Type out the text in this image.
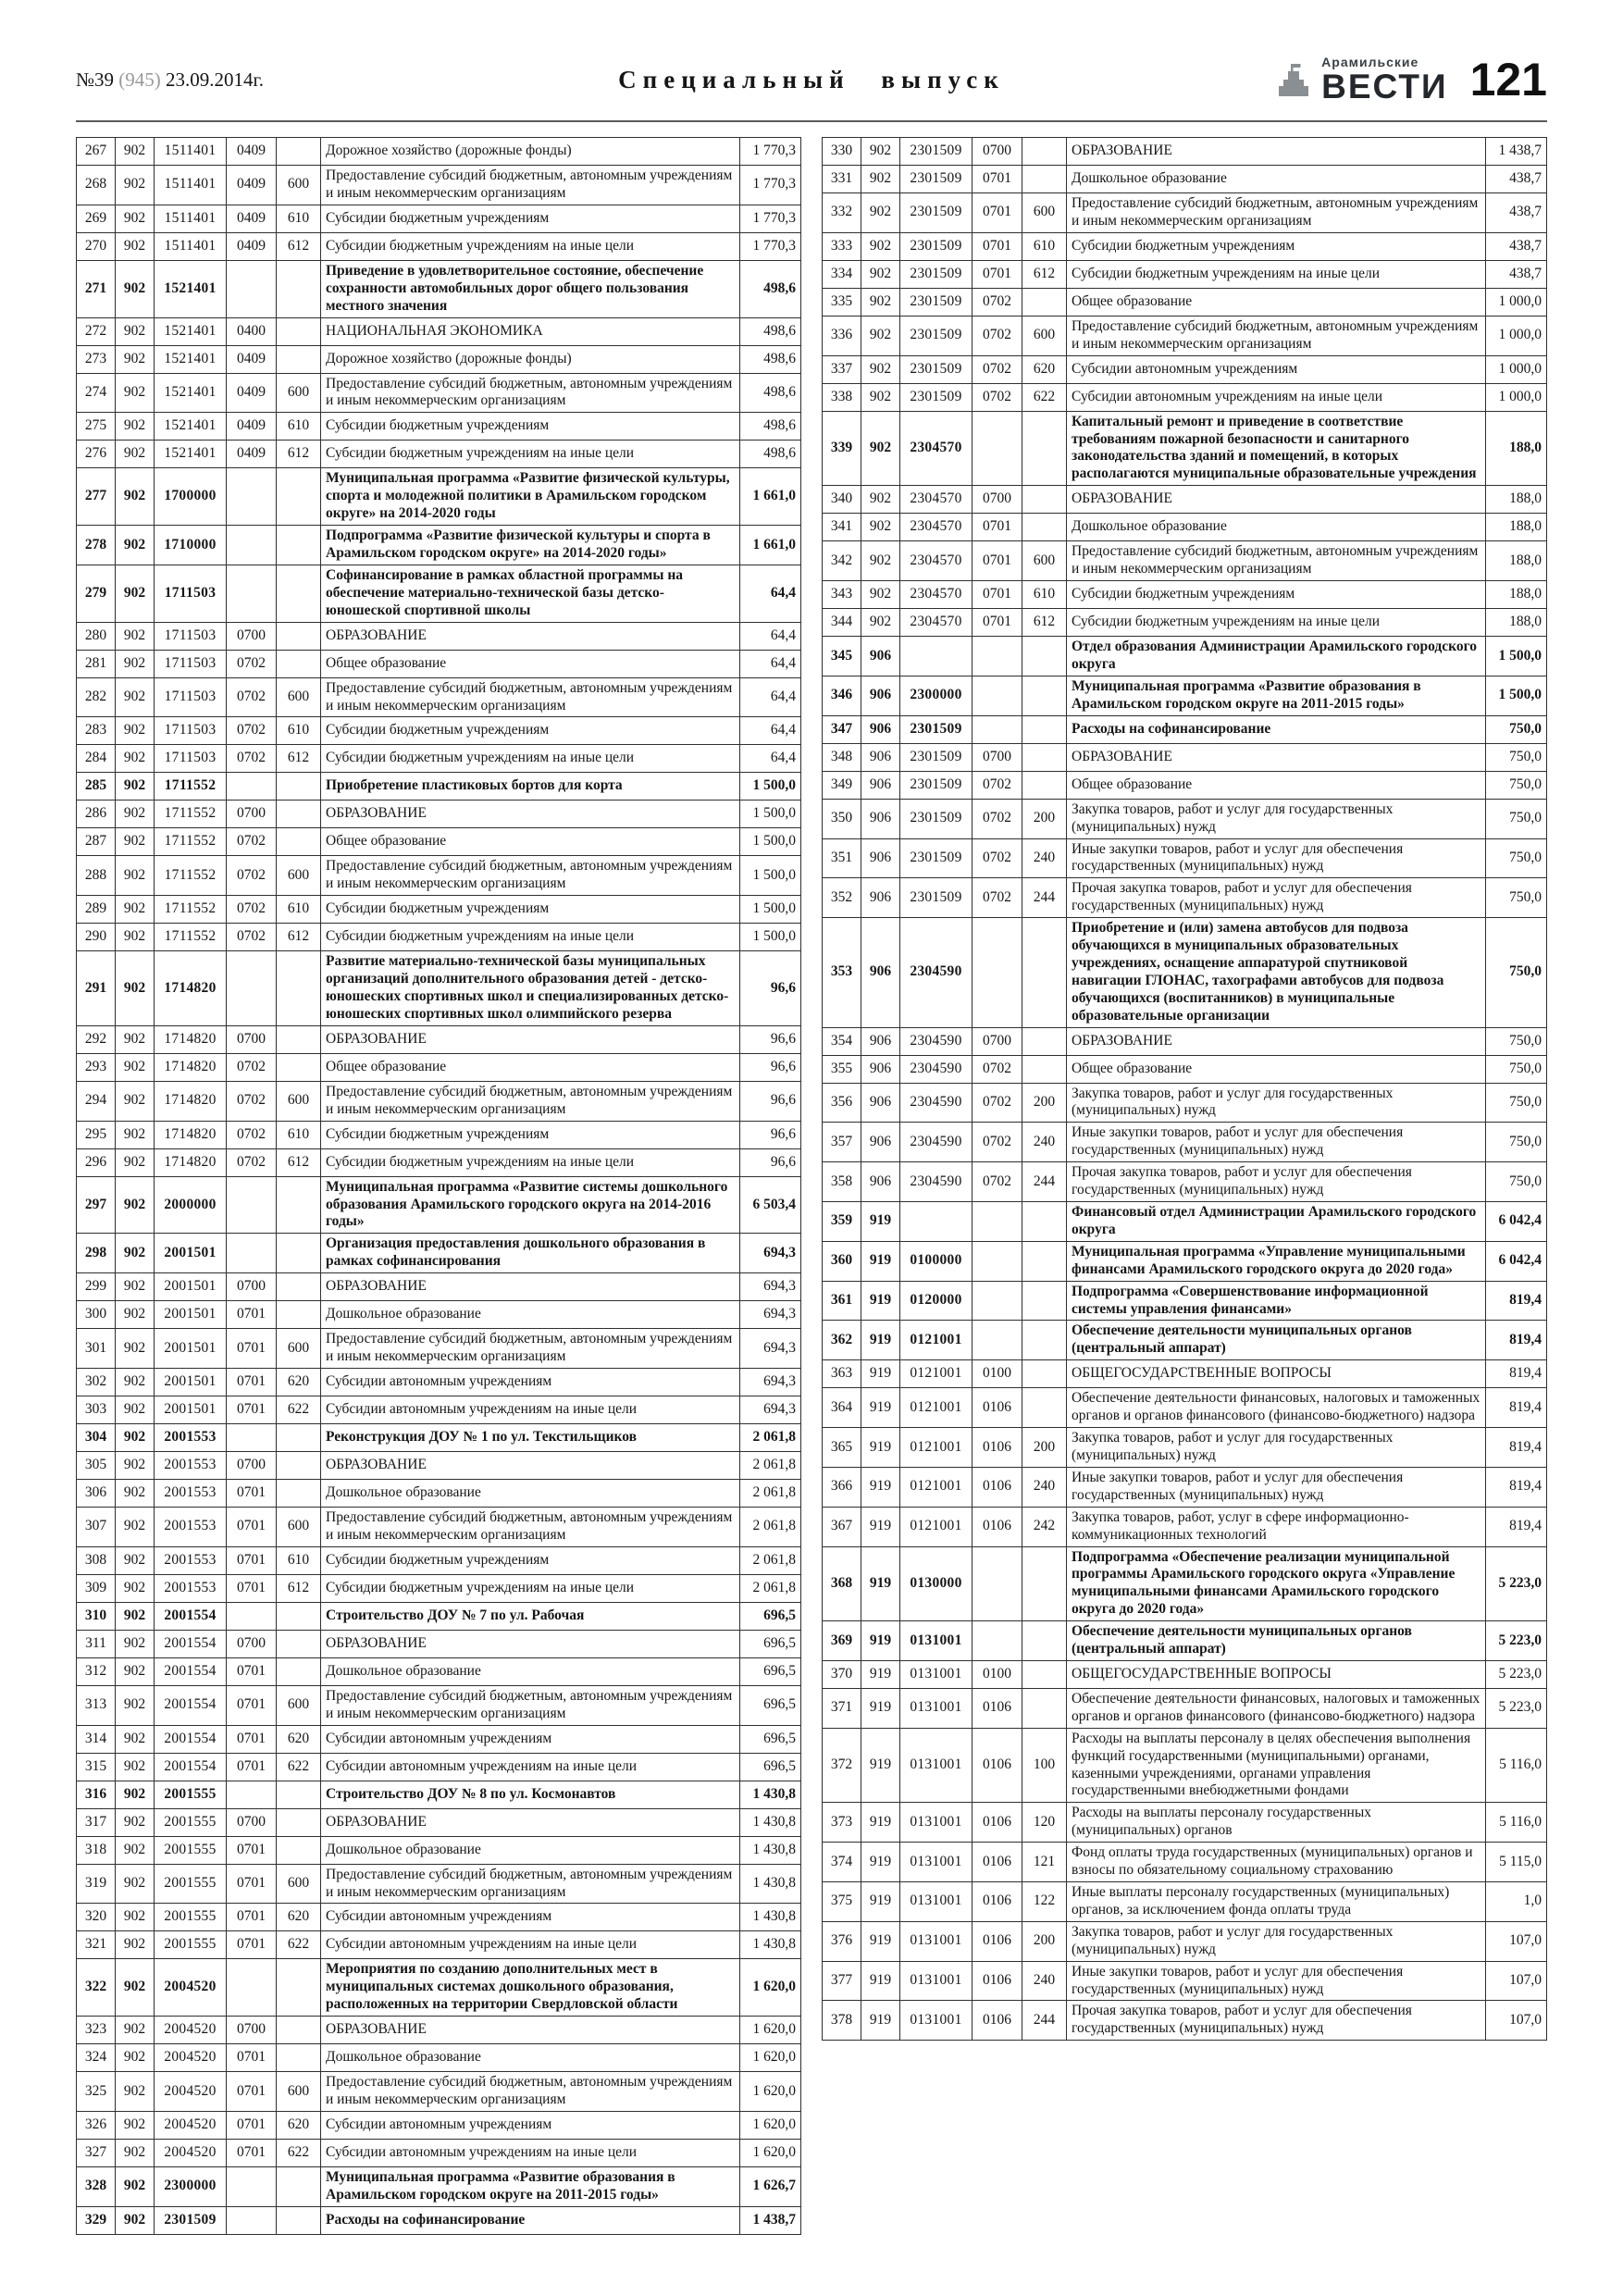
№39 (945) 23.09.2014г.	Специальный выпуск
Арамильские
ВЕСТИ 121
267	902	1511401	0409		Дорожное хозяйство (дорожные фонды)	1 770,3
268	902	1511401	0409	600	Предоставление субсидий бюджетным, автономным учреждениям и иным некоммерческим организациям	1 770,3
269	902	1511401	0409	610	Субсидии бюджетным учреждениям	1 770,3
270	902	1511401	0409	612	Субсидии бюджетным учреждениям на иные цели	1 770,3
271	902	1521401			Приведение в удовлетворительное состояние, обеспечение сохранности автомобильных дорог общего пользования местного значения	498,6
272	902	1521401	0400		НАЦИОНАЛЬНАЯ ЭКОНОМИКА	498,6
273	902	1521401	0409		Дорожное хозяйство (дорожные фонды)	498,6
274	902	1521401	0409	600	Предоставление субсидий бюджетным, автономным учреждениям и иным некоммерческим организациям	498,6
275	902	1521401	0409	610	Субсидии бюджетным учреждениям	498,6
276	902	1521401	0409	612	Субсидии бюджетным учреждениям на иные цели	498,6
277	902	1700000			Муниципальная программа «Развитие физической культуры, спорта и молодежной политики в Арамильском городском округе» на 2014-2020 годы	1 661,0
278	902	1710000			Подпрограмма «Развитие физической культуры и спорта в Арамильском городском округе» на 2014-2020 годы»	1 661,0
279	902	1711503			Софинансирование в рамках областной программы на обеспечение материально-технической базы детско-юношеской спортивной школы	64,4
280	902	1711503	0700		ОБРАЗОВАНИЕ	64,4
281	902	1711503	0702		Общее образование	64,4
282	902	1711503	0702	600	Предоставление субсидий бюджетным, автономным учреждениям и иным некоммерческим организациям	64,4
283	902	1711503	0702	610	Субсидии бюджетным учреждениям	64,4
284	902	1711503	0702	612	Субсидии бюджетным учреждениям на иные цели	64,4
285	902	1711552			Приобретение пластиковых бортов для корта	1 500,0
286	902	1711552	0700		ОБРАЗОВАНИЕ	1 500,0
287	902	1711552	0702		Общее образование	1 500,0
288	902	1711552	0702	600	Предоставление субсидий бюджетным, автономным учреждениям и иным некоммерческим организациям	1 500,0
289	902	1711552	0702	610	Субсидии бюджетным учреждениям	1 500,0
290	902	1711552	0702	612	Субсидии бюджетным учреждениям на иные цели	1 500,0
291	902	1714820			Развитие материально-технической базы муниципальных организаций дополнительного образования детей - детско-юношеских спортивных школ и специализированных детско-юношеских спортивных школ олимпийского резерва	96,6
292	902	1714820	0700		ОБРАЗОВАНИЕ	96,6
293	902	1714820	0702		Общее образование	96,6
294	902	1714820	0702	600	Предоставление субсидий бюджетным, автономным учреждениям и иным некоммерческим организациям	96,6
295	902	1714820	0702	610	Субсидии бюджетным учреждениям	96,6
296	902	1714820	0702	612	Субсидии бюджетным учреждениям на иные цели	96,6
297	902	2000000			Муниципальная программа «Развитие системы дошкольного образования Арамильского городского округа на 2014-2016 годы»	6 503,4
298	902	2001501			Организация предоставления дошкольного образования в рамках софинансирования	694,3
299	902	2001501	0700		ОБРАЗОВАНИЕ	694,3
300	902	2001501	0701		Дошкольное образование	694,3
301	902	2001501	0701	600	Предоставление субсидий бюджетным, автономным учреждениям и иным некоммерческим организациям	694,3
302	902	2001501	0701	620	Субсидии автономным учреждениям	694,3
303	902	2001501	0701	622	Субсидии автономным учреждениям на иные цели	694,3
304	902	2001553			Реконструкция ДОУ № 1 по ул. Текстильщиков	2 061,8
305	902	2001553	0700		ОБРАЗОВАНИЕ	2 061,8
306	902	2001553	0701		Дошкольное образование	2 061,8
307	902	2001553	0701	600	Предоставление субсидий бюджетным, автономным учреждениям и иным некоммерческим организациям	2 061,8
308	902	2001553	0701	610	Субсидии бюджетным учреждениям	2 061,8
309	902	2001553	0701	612	Субсидии бюджетным учреждениям на иные цели	2 061,8
310	902	2001554			Строительство ДОУ № 7 по ул. Рабочая	696,5
311	902	2001554	0700		ОБРАЗОВАНИЕ	696,5
312	902	2001554	0701		Дошкольное образование	696,5
313	902	2001554	0701	600	Предоставление субсидий бюджетным, автономным учреждениям и иным некоммерческим организациям	696,5
314	902	2001554	0701	620	Субсидии автономным учреждениям	696,5
315	902	2001554	0701	622	Субсидии автономным учреждениям на иные цели	696,5
316	902	2001555			Строительство ДОУ № 8 по ул. Космонавтов	1 430,8
317	902	2001555	0700		ОБРАЗОВАНИЕ	1 430,8
318	902	2001555	0701		Дошкольное образование	1 430,8
319	902	2001555	0701	600	Предоставление субсидий бюджетным, автономным учреждениям и иным некоммерческим организациям	1 430,8
320	902	2001555	0701	620	Субсидии автономным учреждениям	1 430,8
321	902	2001555	0701	622	Субсидии автономным учреждениям на иные цели	1 430,8
322	902	2004520			Мероприятия по созданию дополнительных мест в муниципальных системах дошкольного образования, расположенных на территории Свердловской области	1 620,0
323	902	2004520	0700		ОБРАЗОВАНИЕ	1 620,0
324	902	2004520	0701		Дошкольное образование	1 620,0
325	902	2004520	0701	600	Предоставление субсидий бюджетным, автономным учреждениям и иным некоммерческим организациям	1 620,0
326	902	2004520	0701	620	Субсидии автономным учреждениям	1 620,0
327	902	2004520	0701	622	Субсидии автономным учреждениям на иные цели	1 620,0
328	902	2300000			Муниципальная программа «Развитие образования в Арамильском городском округе на 2011-2015 годы»	1 626,7
329	902	2301509			Расходы на софинансирование	1 438,7
330	902	2301509	0700		ОБРАЗОВАНИЕ	1 438,7
331	902	2301509	0701		Дошкольное образование	438,7
332	902	2301509	0701	600	Предоставление субсидий бюджетным, автономным учреждениям и иным некоммерческим организациям	438,7
333	902	2301509	0701	610	Субсидии бюджетным учреждениям	438,7
334	902	2301509	0701	612	Субсидии бюджетным учреждениям на иные цели	438,7
335	902	2301509	0702		Общее образование	1 000,0
336	902	2301509	0702	600	Предоставление субсидий бюджетным, автономным учреждениям и иным некоммерческим организациям	1 000,0
337	902	2301509	0702	620	Субсидии автономным учреждениям	1 000,0
338	902	2301509	0702	622	Субсидии автономным учреждениям на иные цели	1 000,0
339	902	2304570			Капитальный ремонт и приведение в соответствие требованиям пожарной безопасности и санитарного законодательства зданий и помещений, в которых располагаются муниципальные образовательные учреждения	188,0
340	902	2304570	0700		ОБРАЗОВАНИЕ	188,0
341	902	2304570	0701		Дошкольное образование	188,0
342	902	2304570	0701	600	Предоставление субсидий бюджетным, автономным учреждениям и иным некоммерческим организациям	188,0
343	902	2304570	0701	610	Субсидии бюджетным учреждениям	188,0
344	902	2304570	0701	612	Субсидии бюджетным учреждениям на иные цели	188,0
345	906				Отдел образования Администрации Арамильского городского округа	1 500,0
346	906	2300000			Муниципальная программа «Развитие образования в Арамильском городском округе на 2011-2015 годы»	1 500,0
347	906	2301509			Расходы на софинансирование	750,0
348	906	2301509	0700		ОБРАЗОВАНИЕ	750,0
349	906	2301509	0702		Общее образование	750,0
350	906	2301509	0702	200	Закупка товаров, работ и услуг для государственных (муниципальных) нужд	750,0
351	906	2301509	0702	240	Иные закупки товаров, работ и услуг для обеспечения государственных (муниципальных) нужд	750,0
352	906	2301509	0702	244	Прочая закупка товаров, работ и услуг для обеспечения государственных (муниципальных) нужд	750,0
353	906	2304590			Приобретение и (или) замена автобусов для подвоза обучающихся в муниципальных образовательных учреждениях, оснащение аппаратурой спутниковой навигации ГЛОНАС, тахографами автобусов для подвоза обучающихся (воспитанников) в муниципальные образовательные организации	750,0
354	906	2304590	0700		ОБРАЗОВАНИЕ	750,0
355	906	2304590	0702		Общее образование	750,0
356	906	2304590	0702	200	Закупка товаров, работ и услуг для государственных (муниципальных) нужд	750,0
357	906	2304590	0702	240	Иные закупки товаров, работ и услуг для обеспечения государственных (муниципальных) нужд	750,0
358	906	2304590	0702	244	Прочая закупка товаров, работ и услуг для обеспечения государственных (муниципальных) нужд	750,0
359	919				Финансовый отдел Администрации Арамильского городского округа	6 042,4
360	919	0100000			Муниципальная программа «Управление муниципальными финансами Арамильского городского округа до 2020 года»	6 042,4
361	919	0120000			Подпрограмма «Совершенствование информационной системы управления финансами»	819,4
362	919	0121001			Обеспечение деятельности муниципальных органов (центральный аппарат)	819,4
363	919	0121001	0100		ОБЩЕГОСУДАРСТВЕННЫЕ ВОПРОСЫ	819,4
364	919	0121001	0106		Обеспечение деятельности финансовых, налоговых и таможенных органов и органов финансового (финансово-бюджетного) надзора	819,4
365	919	0121001	0106	200	Закупка товаров, работ и услуг для государственных (муниципальных) нужд	819,4
366	919	0121001	0106	240	Иные закупки товаров, работ и услуг для обеспечения государственных (муниципальных) нужд	819,4
367	919	0121001	0106	242	Закупка товаров, работ, услуг в сфере информационно-коммуникационных технологий	819,4
368	919	0130000			Подпрограмма «Обеспечение реализации муниципальной программы Арамильского городского округа «Управление муниципальными финансами Арамильского городского округа до 2020 года»	5 223,0
369	919	0131001			Обеспечение деятельности муниципальных органов (центральный аппарат)	5 223,0
370	919	0131001	0100		ОБЩЕГОСУДАРСТВЕННЫЕ ВОПРОСЫ	5 223,0
371	919	0131001	0106		Обеспечение деятельности финансовых, налоговых и таможенных органов и органов финансового (финансово-бюджетного) надзора	5 223,0
372	919	0131001	0106	100	Расходы на выплаты персоналу в целях обеспечения выполнения функций государственными (муниципальными) органами, казенными учреждениями, органами управления государственными внебюджетными фондами	5 116,0
373	919	0131001	0106	120	Расходы на выплаты персоналу государственных (муниципальных) органов	5 116,0
374	919	0131001	0106	121	Фонд оплаты труда государственных (муниципальных) органов и взносы по обязательному социальному страхованию	5 115,0
375	919	0131001	0106	122	Иные выплаты персоналу государственных (муниципальных) органов, за исключением фонда оплаты труда	1,0
376	919	0131001	0106	200	Закупка товаров, работ и услуг для государственных (муниципальных) нужд	107,0
377	919	0131001	0106	240	Иные закупки товаров, работ и услуг для обеспечения государственных (муниципальных) нужд	107,0
378	919	0131001	0106	244	Прочая закупка товаров, работ и услуг для обеспечения государственных (муниципальных) нужд	107,0
